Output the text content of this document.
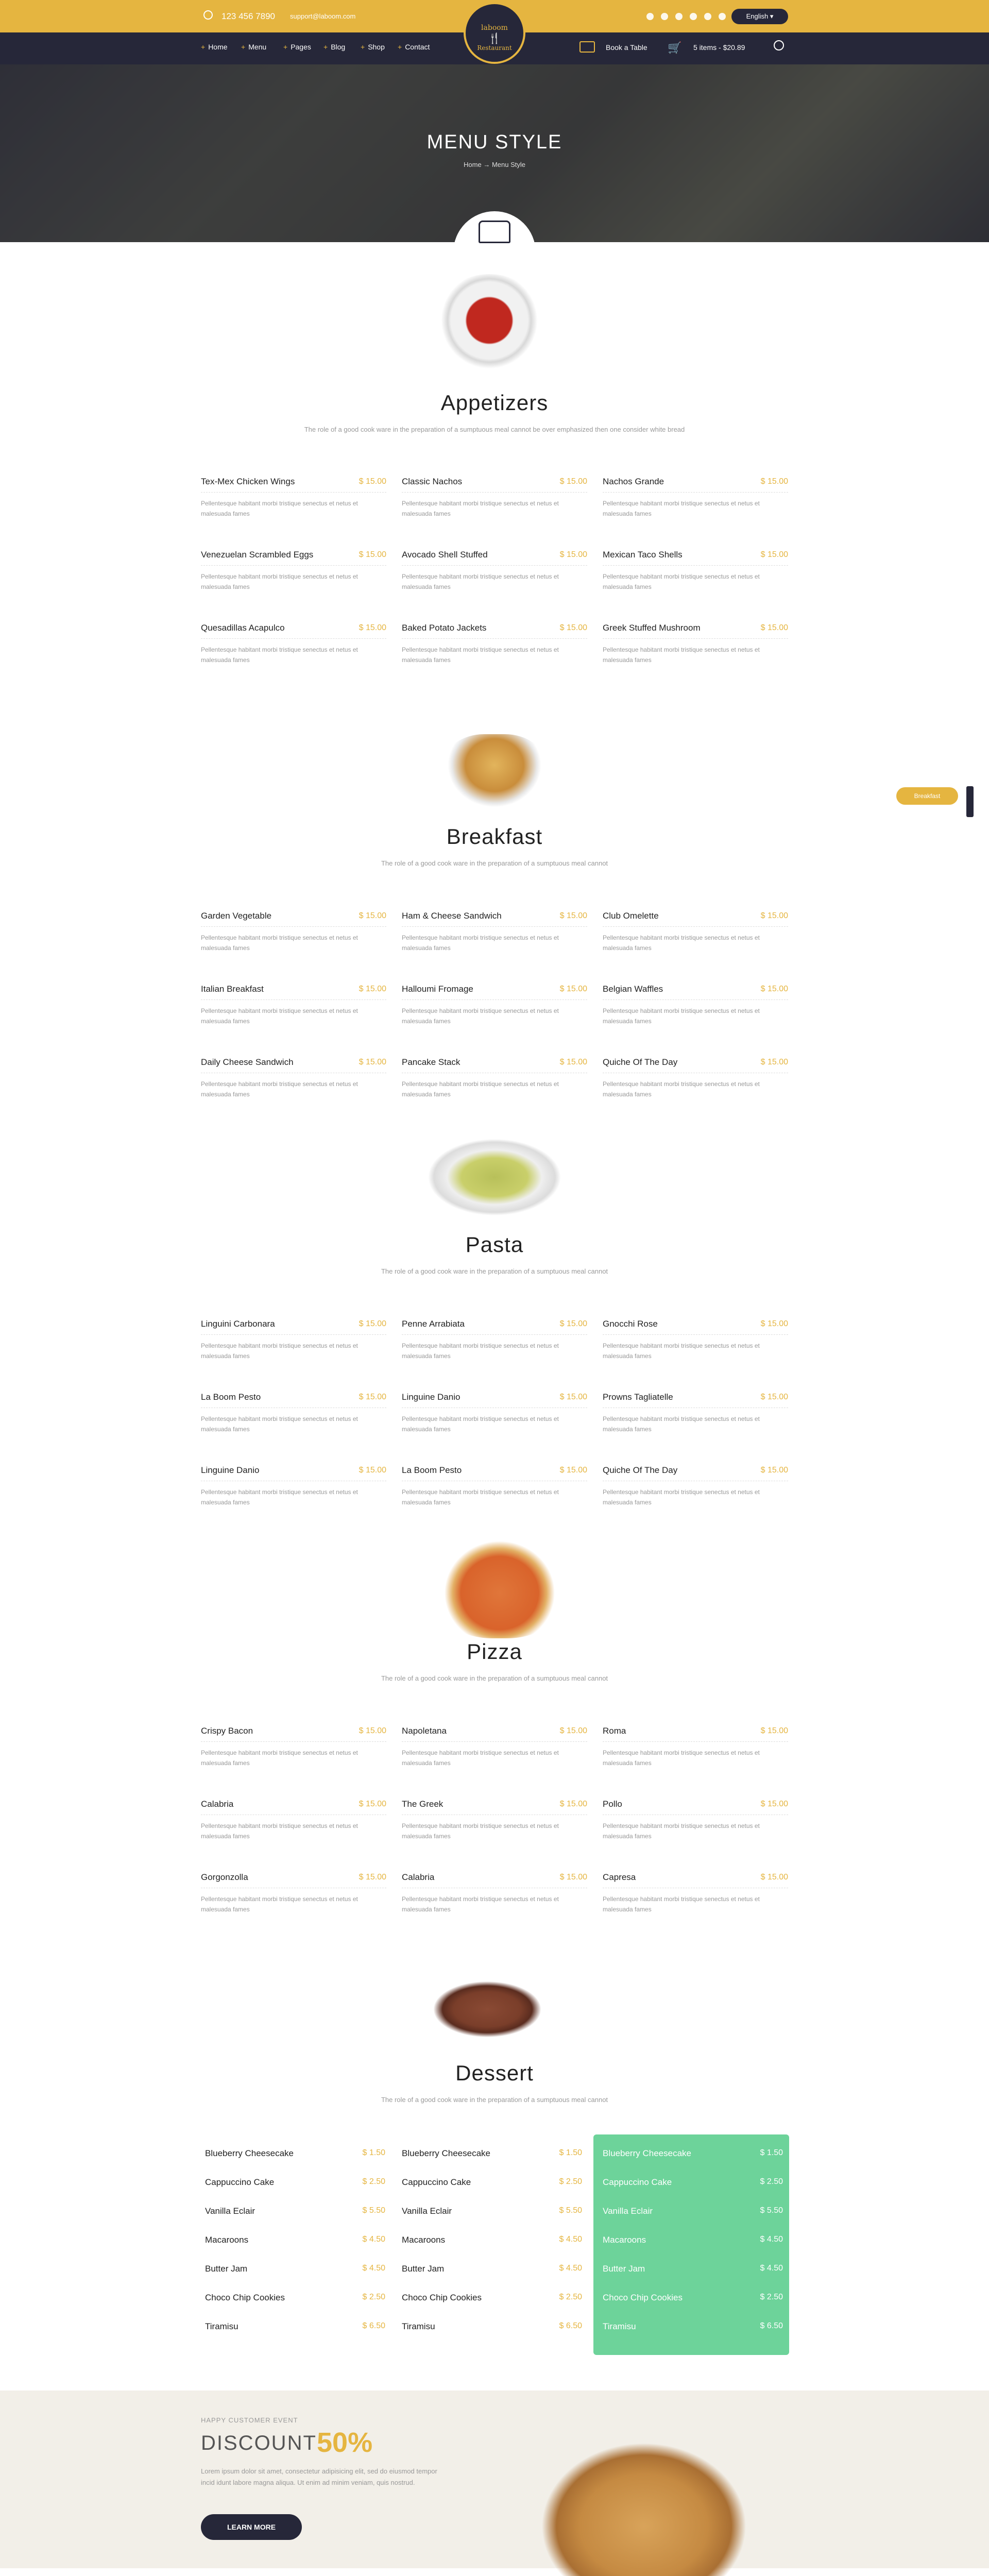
123 456 7890 support@laboom.com	English ▾
+ Home	+ Menu	+ Pages	+ Blog	+ Shop	+ Contact	Book a Table 🛒 5 items - $20.89
laboom
🍴
Restaurant
MENU STYLE
Home → Menu Style
Breakfast
Appetizers
The role of a good cook ware in the preparation of a sumptuous meal cannot be over emphasized then one consider white bread
Breakfast
The role of a good cook ware in the preparation of a sumptuous meal cannot
Pasta
The role of a good cook ware in the preparation of a sumptuous meal cannot
Pizza
The role of a good cook ware in the preparation of a sumptuous meal cannot
Dessert
The role of a good cook ware in the preparation of a sumptuous meal cannot
Tex-Mex Chicken Wings	$ 15.00
Pellentesque habitant morbi tristique senectus et netus et malesuada fames
Classic Nachos	$ 15.00
Pellentesque habitant morbi tristique senectus et netus et malesuada fames
Nachos Grande	$ 15.00
Pellentesque habitant morbi tristique senectus et netus et malesuada fames
Venezuelan Scrambled Eggs	$ 15.00
Pellentesque habitant morbi tristique senectus et netus et malesuada fames
Avocado Shell Stuffed	$ 15.00
Pellentesque habitant morbi tristique senectus et netus et malesuada fames
Mexican Taco Shells	$ 15.00
Pellentesque habitant morbi tristique senectus et netus et malesuada fames
Quesadillas Acapulco	$ 15.00
Pellentesque habitant morbi tristique senectus et netus et malesuada fames
Baked Potato Jackets	$ 15.00
Pellentesque habitant morbi tristique senectus et netus et malesuada fames
Greek Stuffed Mushroom	$ 15.00
Pellentesque habitant morbi tristique senectus et netus et malesuada fames
Garden Vegetable	$ 15.00
Pellentesque habitant morbi tristique senectus et netus et malesuada fames
Ham & Cheese Sandwich	$ 15.00
Pellentesque habitant morbi tristique senectus et netus et malesuada fames
Club Omelette	$ 15.00
Pellentesque habitant morbi tristique senectus et netus et malesuada fames
Italian Breakfast	$ 15.00
Pellentesque habitant morbi tristique senectus et netus et malesuada fames
Halloumi Fromage	$ 15.00
Pellentesque habitant morbi tristique senectus et netus et malesuada fames
Belgian Waffles	$ 15.00
Pellentesque habitant morbi tristique senectus et netus et malesuada fames
Daily Cheese Sandwich	$ 15.00
Pellentesque habitant morbi tristique senectus et netus et malesuada fames
Pancake Stack	$ 15.00
Pellentesque habitant morbi tristique senectus et netus et malesuada fames
Quiche Of The Day	$ 15.00
Pellentesque habitant morbi tristique senectus et netus et malesuada fames
Linguini Carbonara	$ 15.00
Pellentesque habitant morbi tristique senectus et netus et malesuada fames
Penne Arrabiata	$ 15.00
Pellentesque habitant morbi tristique senectus et netus et malesuada fames
Gnocchi Rose	$ 15.00
Pellentesque habitant morbi tristique senectus et netus et malesuada fames
La Boom Pesto	$ 15.00
Pellentesque habitant morbi tristique senectus et netus et malesuada fames
Linguine Danio	$ 15.00
Pellentesque habitant morbi tristique senectus et netus et malesuada fames
Prowns Tagliatelle	$ 15.00
Pellentesque habitant morbi tristique senectus et netus et malesuada fames
Linguine Danio	$ 15.00
Pellentesque habitant morbi tristique senectus et netus et malesuada fames
La Boom Pesto	$ 15.00
Pellentesque habitant morbi tristique senectus et netus et malesuada fames
Quiche Of The Day	$ 15.00
Pellentesque habitant morbi tristique senectus et netus et malesuada fames
Crispy Bacon	$ 15.00
Pellentesque habitant morbi tristique senectus et netus et malesuada fames
Napoletana	$ 15.00
Pellentesque habitant morbi tristique senectus et netus et malesuada fames
Roma	$ 15.00
Pellentesque habitant morbi tristique senectus et netus et malesuada fames
Calabria	$ 15.00
Pellentesque habitant morbi tristique senectus et netus et malesuada fames
The Greek	$ 15.00
Pellentesque habitant morbi tristique senectus et netus et malesuada fames
Pollo	$ 15.00
Pellentesque habitant morbi tristique senectus et netus et malesuada fames
Gorgonzolla	$ 15.00
Pellentesque habitant morbi tristique senectus et netus et malesuada fames
Calabria	$ 15.00
Pellentesque habitant morbi tristique senectus et netus et malesuada fames
Capresa	$ 15.00
Pellentesque habitant morbi tristique senectus et netus et malesuada fames
Blueberry Cheesecake	$ 1.50
Cappuccino Cake	$ 2.50
Vanilla Eclair	$ 5.50
Macaroons	$ 4.50
Butter Jam	$ 4.50
Choco Chip Cookies	$ 2.50
Tiramisu	$ 6.50
Blueberry Cheesecake	$ 1.50
Cappuccino Cake	$ 2.50
Vanilla Eclair	$ 5.50
Macaroons	$ 4.50
Butter Jam	$ 4.50
Choco Chip Cookies	$ 2.50
Tiramisu	$ 6.50
Blueberry Cheesecake	$ 1.50
Cappuccino Cake	$ 2.50
Vanilla Eclair	$ 5.50
Macaroons	$ 4.50
Butter Jam	$ 4.50
Choco Chip Cookies	$ 2.50
Tiramisu	$ 6.50
HAPPY CUSTOMER EVENT
DISCOUNT 50%
Lorem ipsum dolor sit amet, consectetur adipisicing elit, sed do eiusmod tempor incid idunt labore magna aliqua. Ut enim ad minim veniam, quis nostrud.
LEARN MORE
